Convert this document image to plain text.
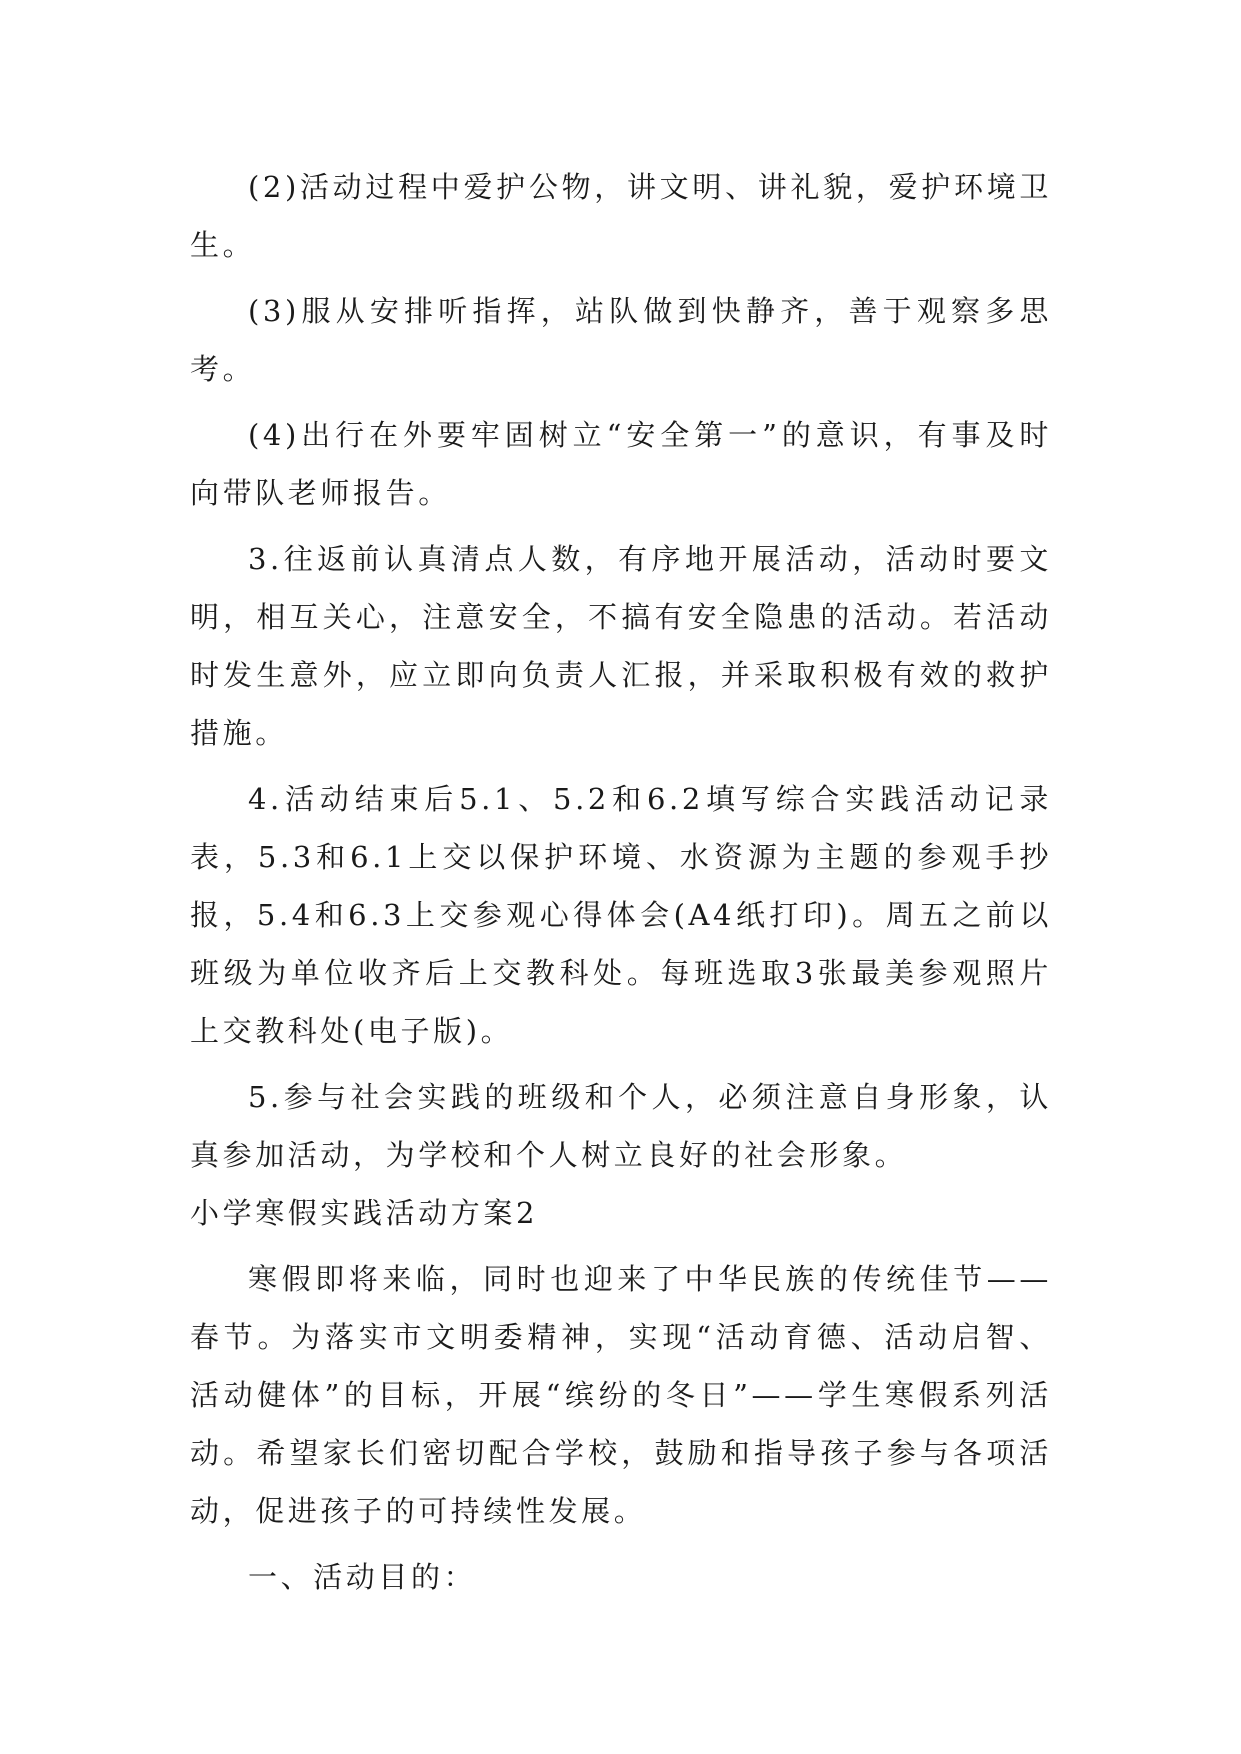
(2)活动过程中爱护公物，讲文明、讲礼貌，爱护环境卫生。

(3)服从安排听指挥，站队做到快静齐，善于观察多思考。

(4)出行在外要牢固树立“安全第一”的意识，有事及时向带队老师报告。

3.往返前认真清点人数，有序地开展活动，活动时要文明，相互关心，注意安全，不搞有安全隐患的活动。若活动时发生意外，应立即向负责人汇报，并采取积极有效的救护措施。

4.活动结束后5.1、5.2和6.2填写综合实践活动记录表，5.3和6.1上交以保护环境、水资源为主题的参观手抄报，5.4和6.3上交参观心得体会(A4纸打印)。周五之前以班级为单位收齐后上交教科处。每班选取3张最美参观照片上交教科处(电子版)。

5.参与社会实践的班级和个人，必须注意自身形象，认真参加活动，为学校和个人树立良好的社会形象。

小学寒假实践活动方案2

寒假即将来临，同时也迎来了中华民族的传统佳节——春节。为落实市文明委精神，实现“活动育德、活动启智、活动健体”的目标，开展“缤纷的冬日”——学生寒假系列活动。希望家长们密切配合学校，鼓励和指导孩子参与各项活动，促进孩子的可持续性发展。

一、活动目的：
